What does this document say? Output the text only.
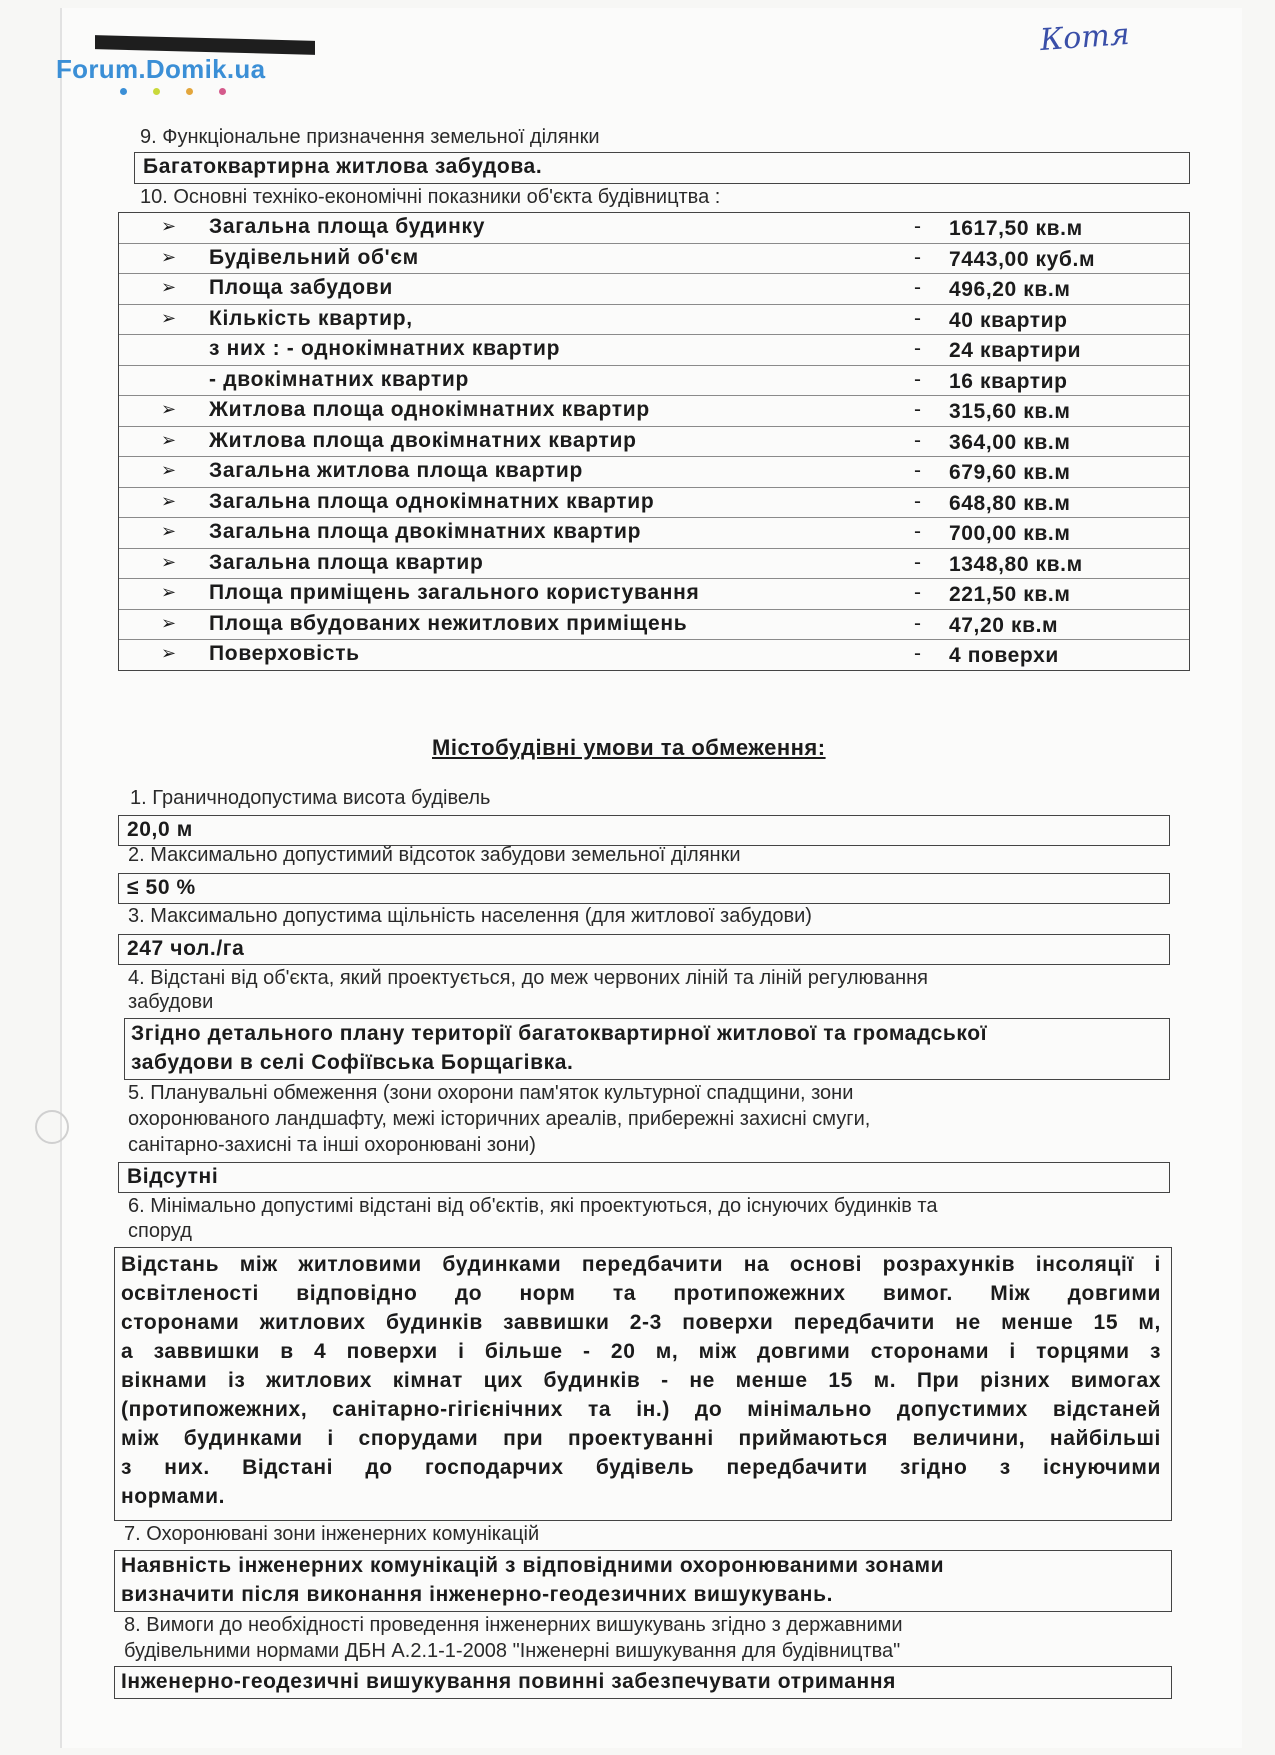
Forum.Domik.ua
Котя
9. Функціональне призначення земельної ділянки
Багатоквартирна житлова забудова.
10. Основні техніко-економічні показники об'єкта будівництва :
➢ Загальна площа будинку	- 1617,50 кв.м
➢ Будівельний об'єм	- 7443,00 куб.м
➢ Площа забудови	- 496,20 кв.м
➢ Кількість квартир,	- 40 квартир
з них : - однокімнатних квартир	- 24 квартири
- двокімнатних квартир	- 16 квартир
➢ Житлова площа однокімнатних квартир	- 315,60 кв.м
➢ Житлова площа двокімнатних квартир	- 364,00 кв.м
➢ Загальна житлова площа квартир	- 679,60 кв.м
➢ Загальна площа однокімнатних квартир	- 648,80 кв.м
➢ Загальна площа двокімнатних квартир	- 700,00 кв.м
➢ Загальна площа квартир	- 1348,80 кв.м
➢ Площа приміщень загального користування	- 221,50 кв.м
➢ Площа вбудованих нежитлових приміщень	- 47,20 кв.м
➢ Поверховість	- 4 поверхи
Містобудівні умови та обмеження:
1. Граничнодопустима висота будівель
20,0 м
2. Максимально допустимий відсоток забудови земельної ділянки
≤ 50 %
3. Максимально допустима щільність населення (для житлової забудови)
247 чол./га
4. Відстані від об'єкта, який проектується, до меж червоних ліній та ліній регулювання
забудови
Згідно детального плану території багатоквартирної житлової та громадської
забудови в селі Софіївська Борщагівка.
5. Планувальні обмеження (зони охорони пам'яток культурної спадщини, зони
охоронюваного ландшафту, межі історичних ареалів, прибережні захисні смуги,
санітарно-захисні та інші охоронювані зони)
Відсутні
6. Мінімально допустимі відстані від об'єктів, які проектуються, до існуючих будинків та
споруд
Відстань між житловими будинками передбачити на основі розрахунків інсоляції і
освітленості відповідно до норм та протипожежних вимог. Між довгими
сторонами житлових будинків заввишки 2-3 поверхи передбачити не менше 15 м,
а заввишки в 4 поверхи і більше - 20 м, між довгими сторонами і торцями з
вікнами із житлових кімнат цих будинків - не менше 15 м. При різних вимогах
(протипожежних, санітарно-гігієнічних та ін.) до мінімально допустимих відстаней
між будинками і спорудами при проектуванні приймаються величини, найбільші
з них. Відстані до господарчих будівель передбачити згідно з існуючими
нормами.
7. Охоронювані зони інженерних комунікацій
Наявність інженерних комунікацій з відповідними охоронюваними зонами
визначити після виконання інженерно-геодезичних вишукувань.
8. Вимоги до необхідності проведення інженерних вишукувань згідно з державними
будівельними нормами ДБН А.2.1-1-2008 "Інженерні вишукування для будівництва"
Інженерно-геодезичні вишукування повинні забезпечувати отримання
